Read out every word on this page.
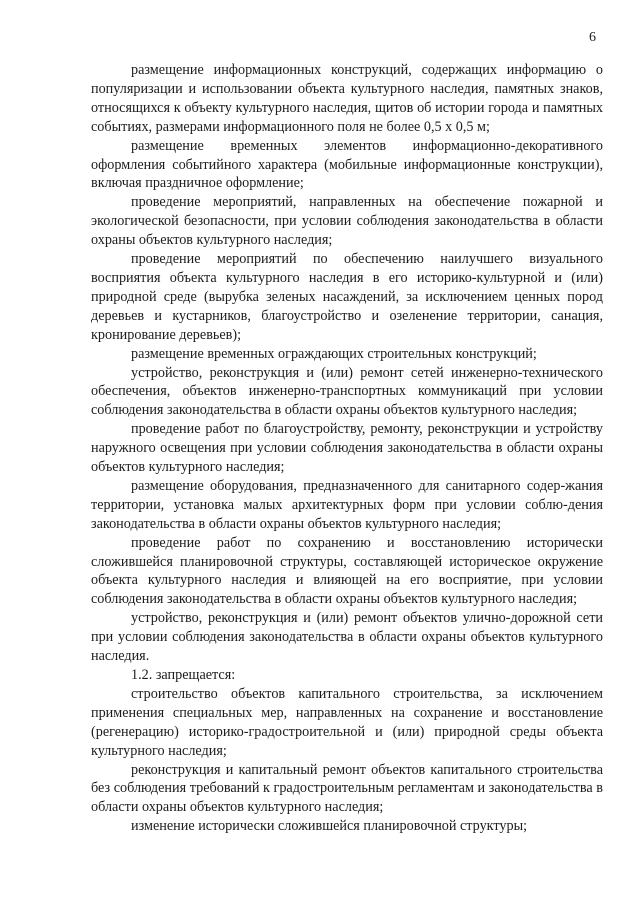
6

размещение информационных конструкций, содержащих информацию о популяризации и использовании объекта культурного наследия, памятных знаков, относящихся к объекту культурного наследия, щитов об истории города и памятных событиях, размерами информационного поля не более 0,5 х 0,5 м;

размещение временных элементов информационно-декоративного оформления событийного характера (мобильные информационные конструкции), включая праздничное оформление;

проведение мероприятий, направленных на обеспечение пожарной и экологической безопасности, при условии соблюдения законодательства в области охраны объектов культурного наследия;

проведение мероприятий по обеспечению наилучшего визуального восприятия объекта культурного наследия в его историко-культурной и (или) природной среде (вырубка зеленых насаждений, за исключением ценных пород деревьев и кустарников, благоустройство и озеленение территории, санация, кронирование деревьев);

размещение временных ограждающих строительных конструкций;

устройство, реконструкция и (или) ремонт сетей инженерно-технического обеспечения, объектов инженерно-транспортных коммуникаций при условии соблюдения законодательства в области охраны объектов культурного наследия;

проведение работ по благоустройству, ремонту, реконструкции и устройству наружного освещения при условии соблюдения законодательства в области охраны объектов культурного наследия;

размещение оборудования, предназначенного для санитарного содер-жания территории, установка малых архитектурных форм при условии соблю-дения законодательства в области охраны объектов культурного наследия;

проведение работ по сохранению и восстановлению исторически сложившейся планировочной структуры, составляющей историческое окружение объекта культурного наследия и влияющей на его восприятие, при условии соблюдения законодательства в области охраны объектов культурного наследия;

устройство, реконструкция и (или) ремонт объектов улично-дорожной сети при условии соблюдения законодательства в области охраны объектов культурного наследия.

1.2. запрещается:

строительство объектов капитального строительства, за исключением применения специальных мер, направленных на сохранение и восстановление (регенерацию) историко-градостроительной и (или) природной среды объекта культурного наследия;

реконструкция и капитальный ремонт объектов капитального строительства без соблюдения требований к градостроительным регламентам и законодательства в области охраны объектов культурного наследия;

изменение исторически сложившейся планировочной структуры;
